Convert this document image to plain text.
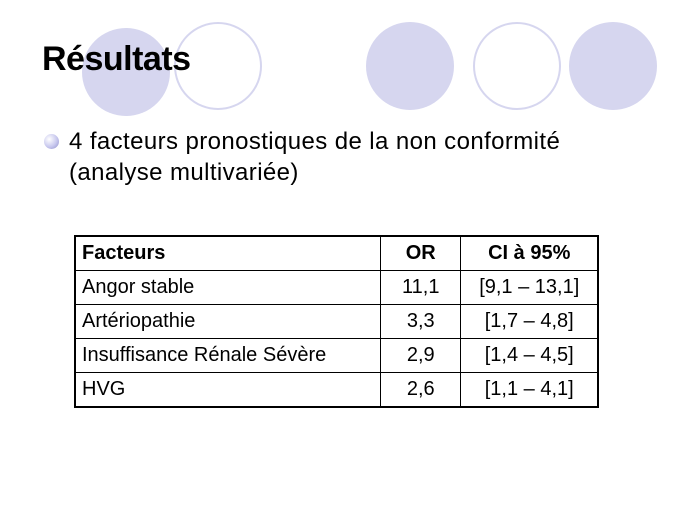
Résultats
4 facteurs pronostiques de la non conformité (analyse multivariée)
Facteurs	OR	CI à 95%
Angor stable	11,1	[9,1 – 13,1]
Artériopathie	3,3	[1,7 – 4,8]
Insuffisance Rénale Sévère	2,9	[1,4 – 4,5]
HVG	2,6	[1,1 – 4,1]
